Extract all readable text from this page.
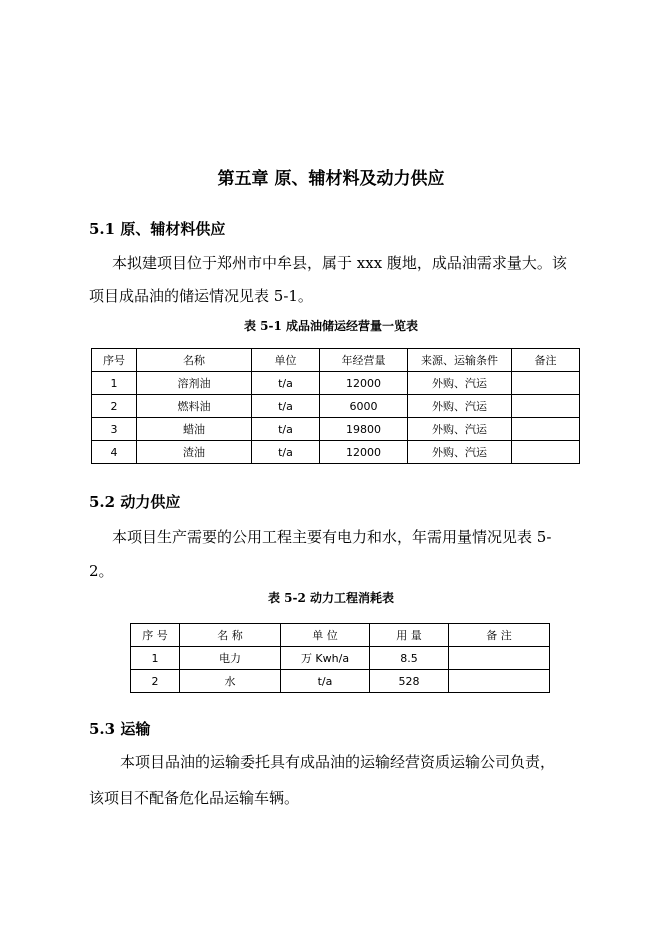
第五章 原、辅材料及动力供应
5.1 原、辅材料供应
本拟建项目位于郑州市中牟县，属于 xxx 腹地，成品油需求量大。该
项目成品油的储运情况见表 5-1。
表 5-1 成品油储运经营量一览表
序号	名称	单位	年经营量	来源、运输条件	备注
1	溶剂油	t/a	12000	外购、汽运	
2	燃料油	t/a	6000	外购、汽运	
3	蜡油	t/a	19800	外购、汽运	
4	渣油	t/a	12000	外购、汽运	
5.2 动力供应
本项目生产需要的公用工程主要有电力和水，年需用量情况见表 5-
2。
表 5-2 动力工程消耗表
序 号	名 称	单 位	用 量	备 注
1	电力	万 Kwh/a	8.5	
2	水	t/a	528	
5.3 运输
本项目品油的运输委托具有成品油的运输经营资质运输公司负责，
该项目不配备危化品运输车辆。
